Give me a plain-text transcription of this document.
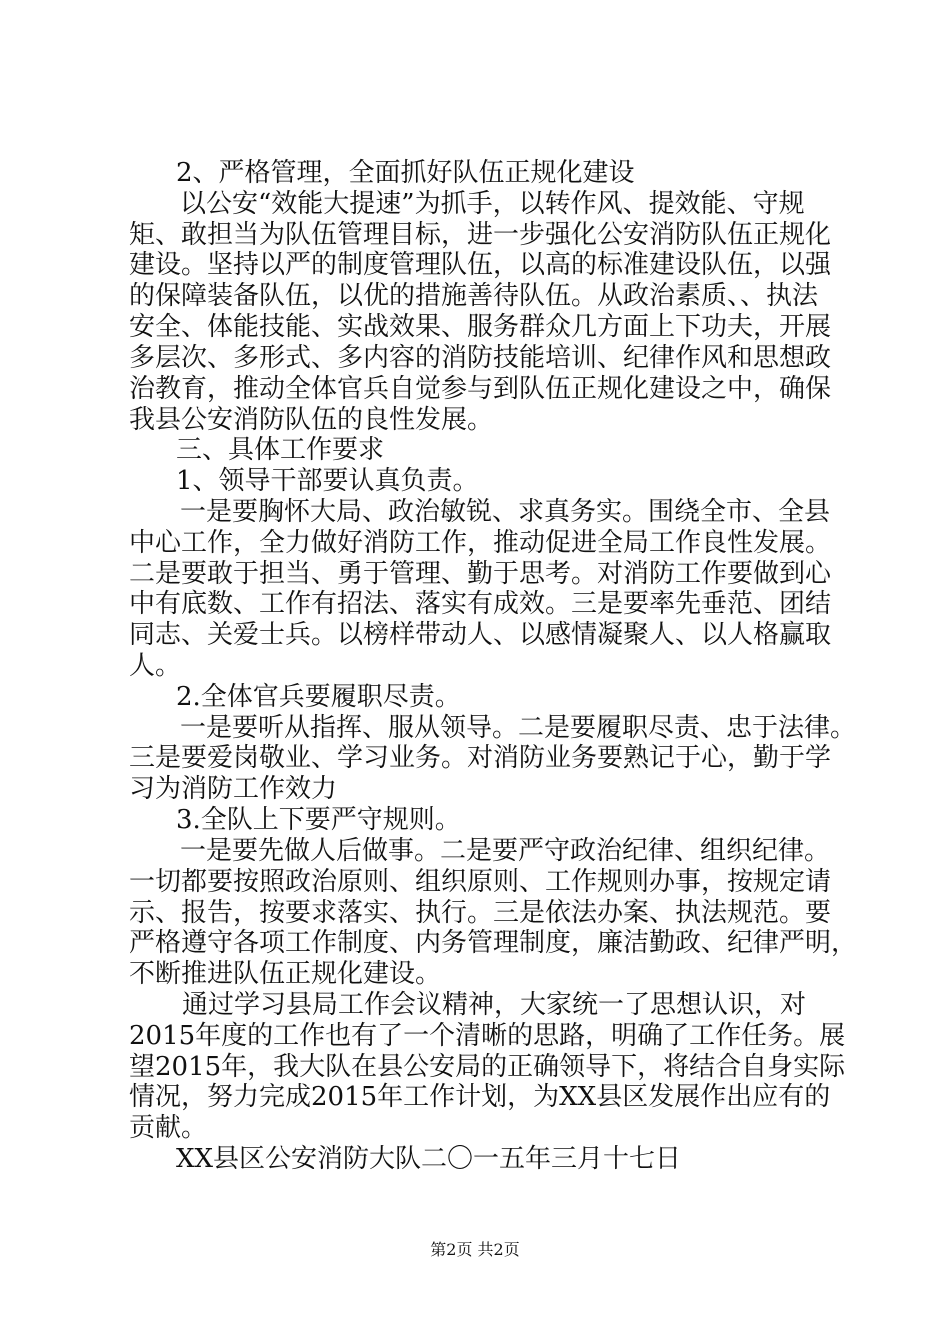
2、严格管理，全面抓好队伍正规化建设
以公安“效能大提速”为抓手，以转作风、提效能、守规
矩、敢担当为队伍管理目标，进一步强化公安消防队伍正规化
建设。坚持以严的制度管理队伍，以高的标准建设队伍，以强
的保障装备队伍，以优的措施善待队伍。从政治素质、、执法
安全、体能技能、实战效果、服务群众几方面上下功夫，开展
多层次、多形式、多内容的消防技能培训、纪律作风和思想政
治教育，推动全体官兵自觉参与到队伍正规化建设之中，确保
我县公安消防队伍的良性发展。
三、具体工作要求
1、领导干部要认真负责。
一是要胸怀大局、政治敏锐、求真务实。围绕全市、全县
中心工作，全力做好消防工作，推动促进全局工作良性发展。
二是要敢于担当、勇于管理、勤于思考。对消防工作要做到心
中有底数、工作有招法、落实有成效。三是要率先垂范、团结
同志、关爱士兵。以榜样带动人、以感情凝聚人、以人格赢取
人。
2.全体官兵要履职尽责。
一是要听从指挥、服从领导。二是要履职尽责、忠于法律。
三是要爱岗敬业、学习业务。对消防业务要熟记于心，勤于学
习为消防工作效力
3.全队上下要严守规则。
一是要先做人后做事。二是要严守政治纪律、组织纪律。
一切都要按照政治原则、组织原则、工作规则办事，按规定请
示、报告，按要求落实、执行。三是依法办案、执法规范。要
严格遵守各项工作制度、内务管理制度，廉洁勤政、纪律严明，
不断推进队伍正规化建设。
通过学习县局工作会议精神，大家统一了思想认识，对
2015年度的工作也有了一个清晰的思路，明确了工作任务。展
望2015年，我大队在县公安局的正确领导下，将结合自身实际
情况，努力完成2015年工作计划，为XX县区发展作出应有的
贡献。
XX县区公安消防大队二〇一五年三月十七日
第2页 共2页
